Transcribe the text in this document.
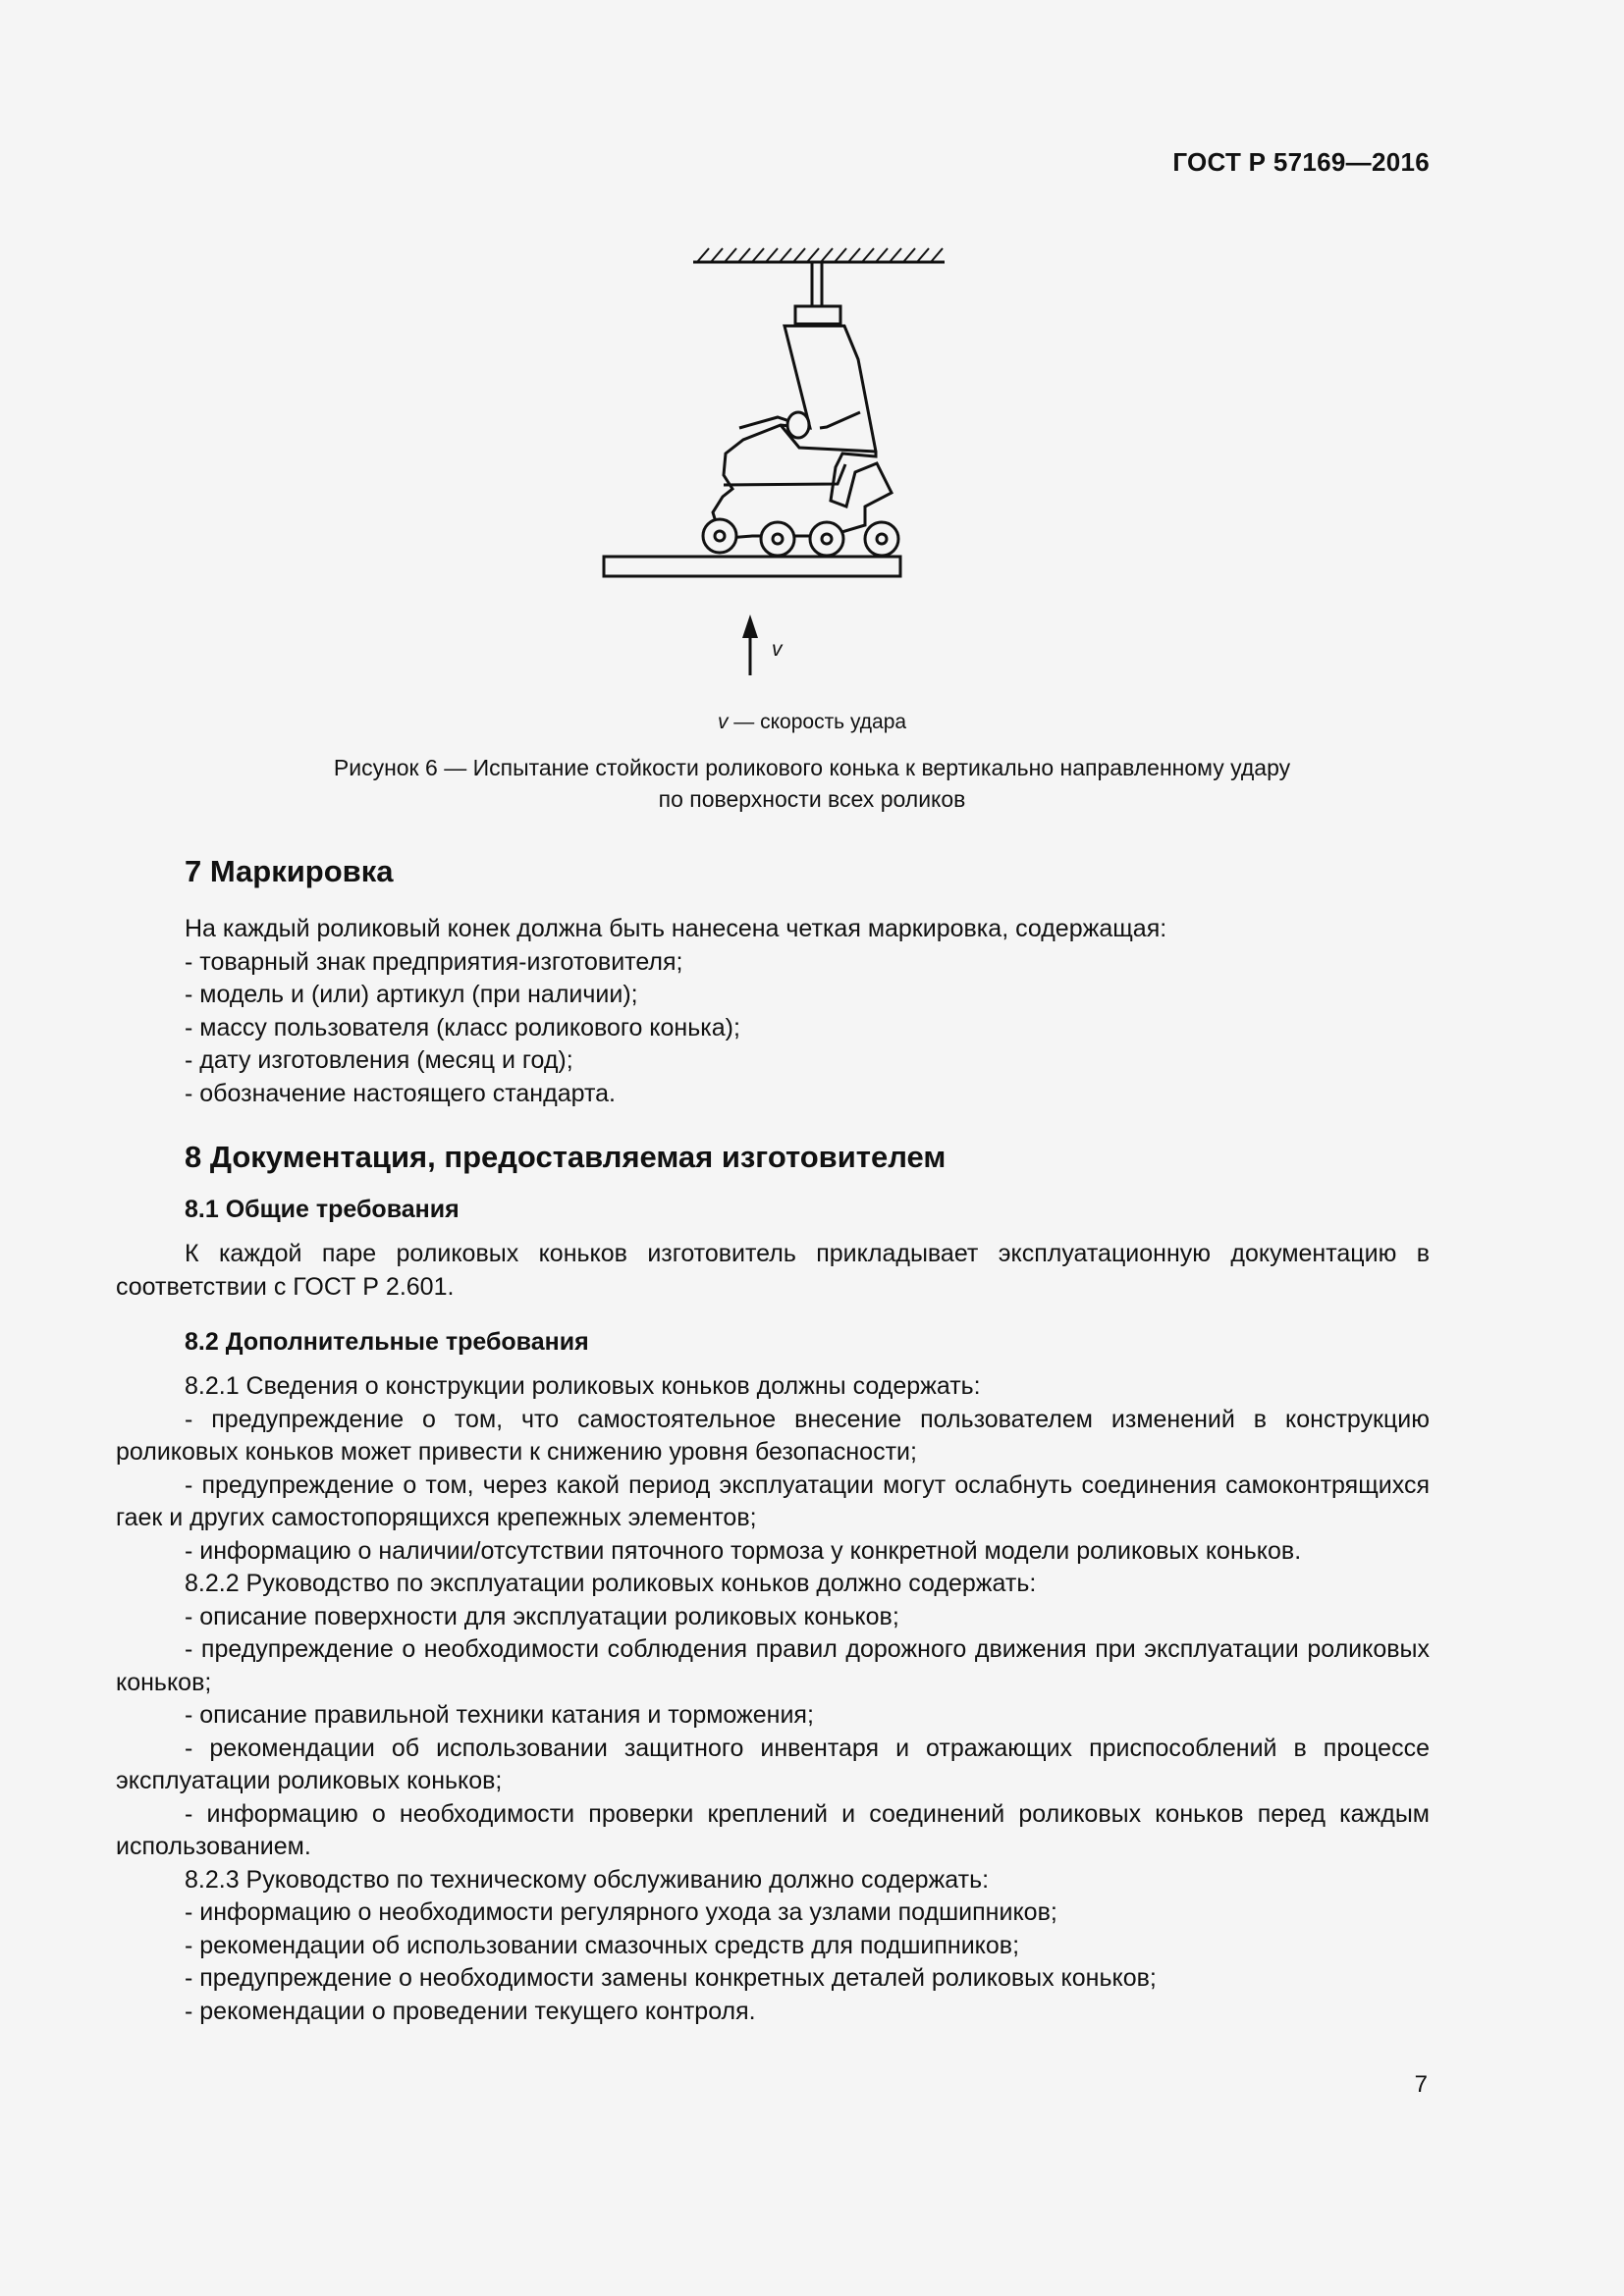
ГОСТ Р 57169—2016
v
v — скорость удара
Рисунок 6 — Испытание стойкости роликового конька к вертикально направленному удару
по поверхности всех роликов
7 Маркировка

На каждый роликовый конек должна быть нанесена четкая маркировка, содержащая:

- товарный знак предприятия-изготовителя;

- модель и (или) артикул (при наличии);

- массу пользователя (класс роликового конька);

- дату изготовления (месяц и год);

- обозначение настоящего стандарта.

8 Документация, предоставляемая изготовителем
8.1 Общие требования

К каждой паре роликовых коньков изготовитель прикладывает эксплуатационную документацию в соответствии с ГОСТ Р 2.601.

8.2 Дополнительные требования

8.2.1 Сведения о конструкции роликовых коньков должны содержать:

- предупреждение о том, что самостоятельное внесение пользователем изменений в конструкцию роликовых коньков может привести к снижению уровня безопасности;

- предупреждение о том, через какой период эксплуатации могут ослабнуть соединения самоконтрящихся гаек и других самостопорящихся крепежных элементов;

- информацию о наличии/отсутствии пяточного тормоза у конкретной модели роликовых коньков.

8.2.2 Руководство по эксплуатации роликовых коньков должно содержать:

- описание поверхности для эксплуатации роликовых коньков;

- предупреждение о необходимости соблюдения правил дорожного движения при эксплуатации роликовых коньков;

- описание правильной техники катания и торможения;

- рекомендации об использовании защитного инвентаря и отражающих приспособлений в процессе эксплуатации роликовых коньков;

- информацию о необходимости проверки креплений и соединений роликовых коньков перед каждым использованием.

8.2.3 Руководство по техническому обслуживанию должно содержать:

- информацию о необходимости регулярного ухода за узлами подшипников;

- рекомендации об использовании смазочных средств для подшипников;

- предупреждение о необходимости замены конкретных деталей роликовых коньков;

- рекомендации о проведении текущего контроля.

7
